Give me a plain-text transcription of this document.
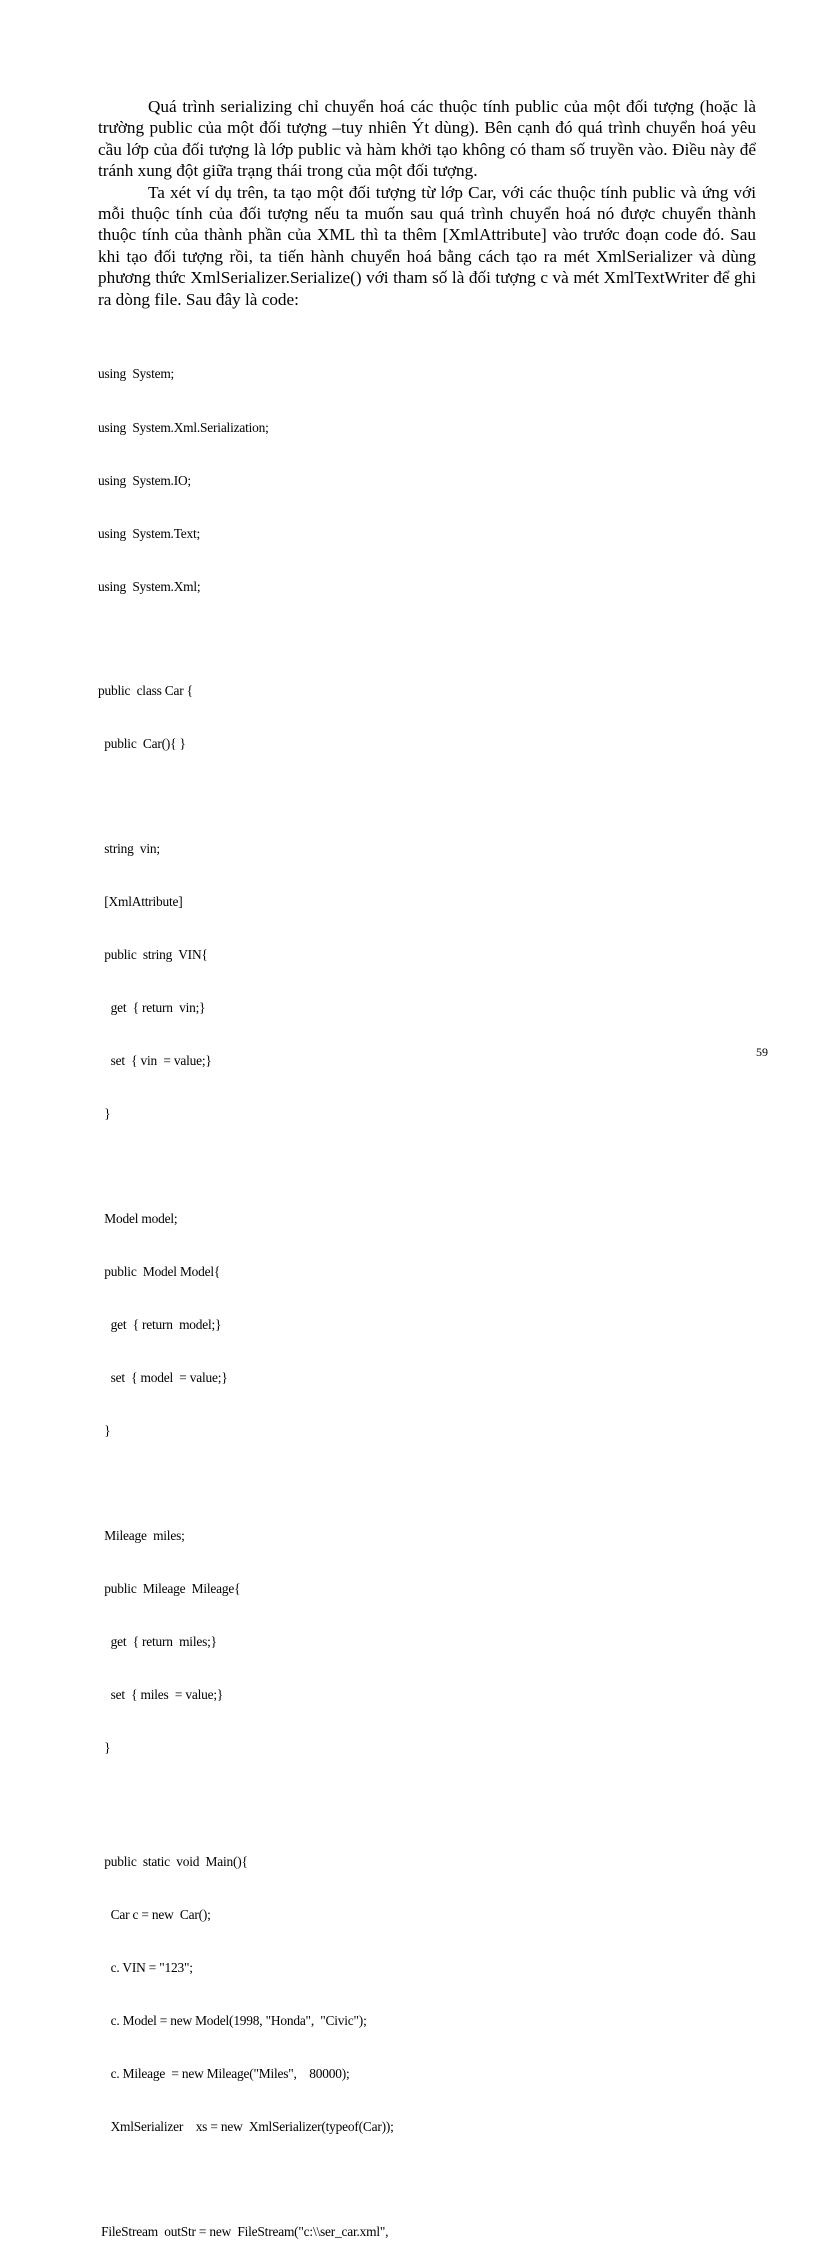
Quá trình serializing chỉ chuyển hoá các thuộc tính public của một đối tượng (hoặc là trường public của một đối tượng –tuy nhiên Ýt dùng). Bên cạnh đó quá trình chuyển hoá yêu cầu lớp của đối tượng là lớp public và hàm khởi tạo không có tham số truyền vào. Điều này để tránh xung đột giữa trạng thái trong của một đối tượng.

Ta xét ví dụ trên, ta tạo một đối tượng từ lớp Car, với các thuộc tính public và ứng với mỗi thuộc tính của đối tượng nếu ta muốn sau quá trình chuyển hoá nó được chuyển thành thuộc tính của thành phần của XML thì ta thêm [XmlAttribute] vào trước đoạn code đó. Sau khi tạo đối tượng rồi, ta tiến hành chuyển hoá bằng cách tạo ra mét XmlSerializer và dùng phương thức XmlSerializer.Serialize() với tham số là đối tượng c và mét XmlTextWriter để ghi ra dòng file. Sau đây là code:

using  System;

using  System.Xml.Serialization;

using  System.IO;

using  System.Text;

using  System.Xml;

public  class Car {

public  Car(){ }

string  vin;

[XmlAttribute]

public  string  VIN{

get  { return  vin;}

set  { vin  = value;}

}

Model model;

public  Model Model{

get  { return  model;}

set  { model  = value;}

}

Mileage  miles;

public  Mileage  Mileage{

get  { return  miles;}

set  { miles  = value;}

}

public  static  void  Main(){

Car c = new  Car();

c. VIN = "123";

c. Model = new Model(1998, "Honda",  "Civic");

c. Mileage  = new Mileage("Miles",    80000);

XmlSerializer    xs = new  XmlSerializer(typeof(Car));

FileStream  outStr = new  FileStream("c:\\ser_car.xml",

59
